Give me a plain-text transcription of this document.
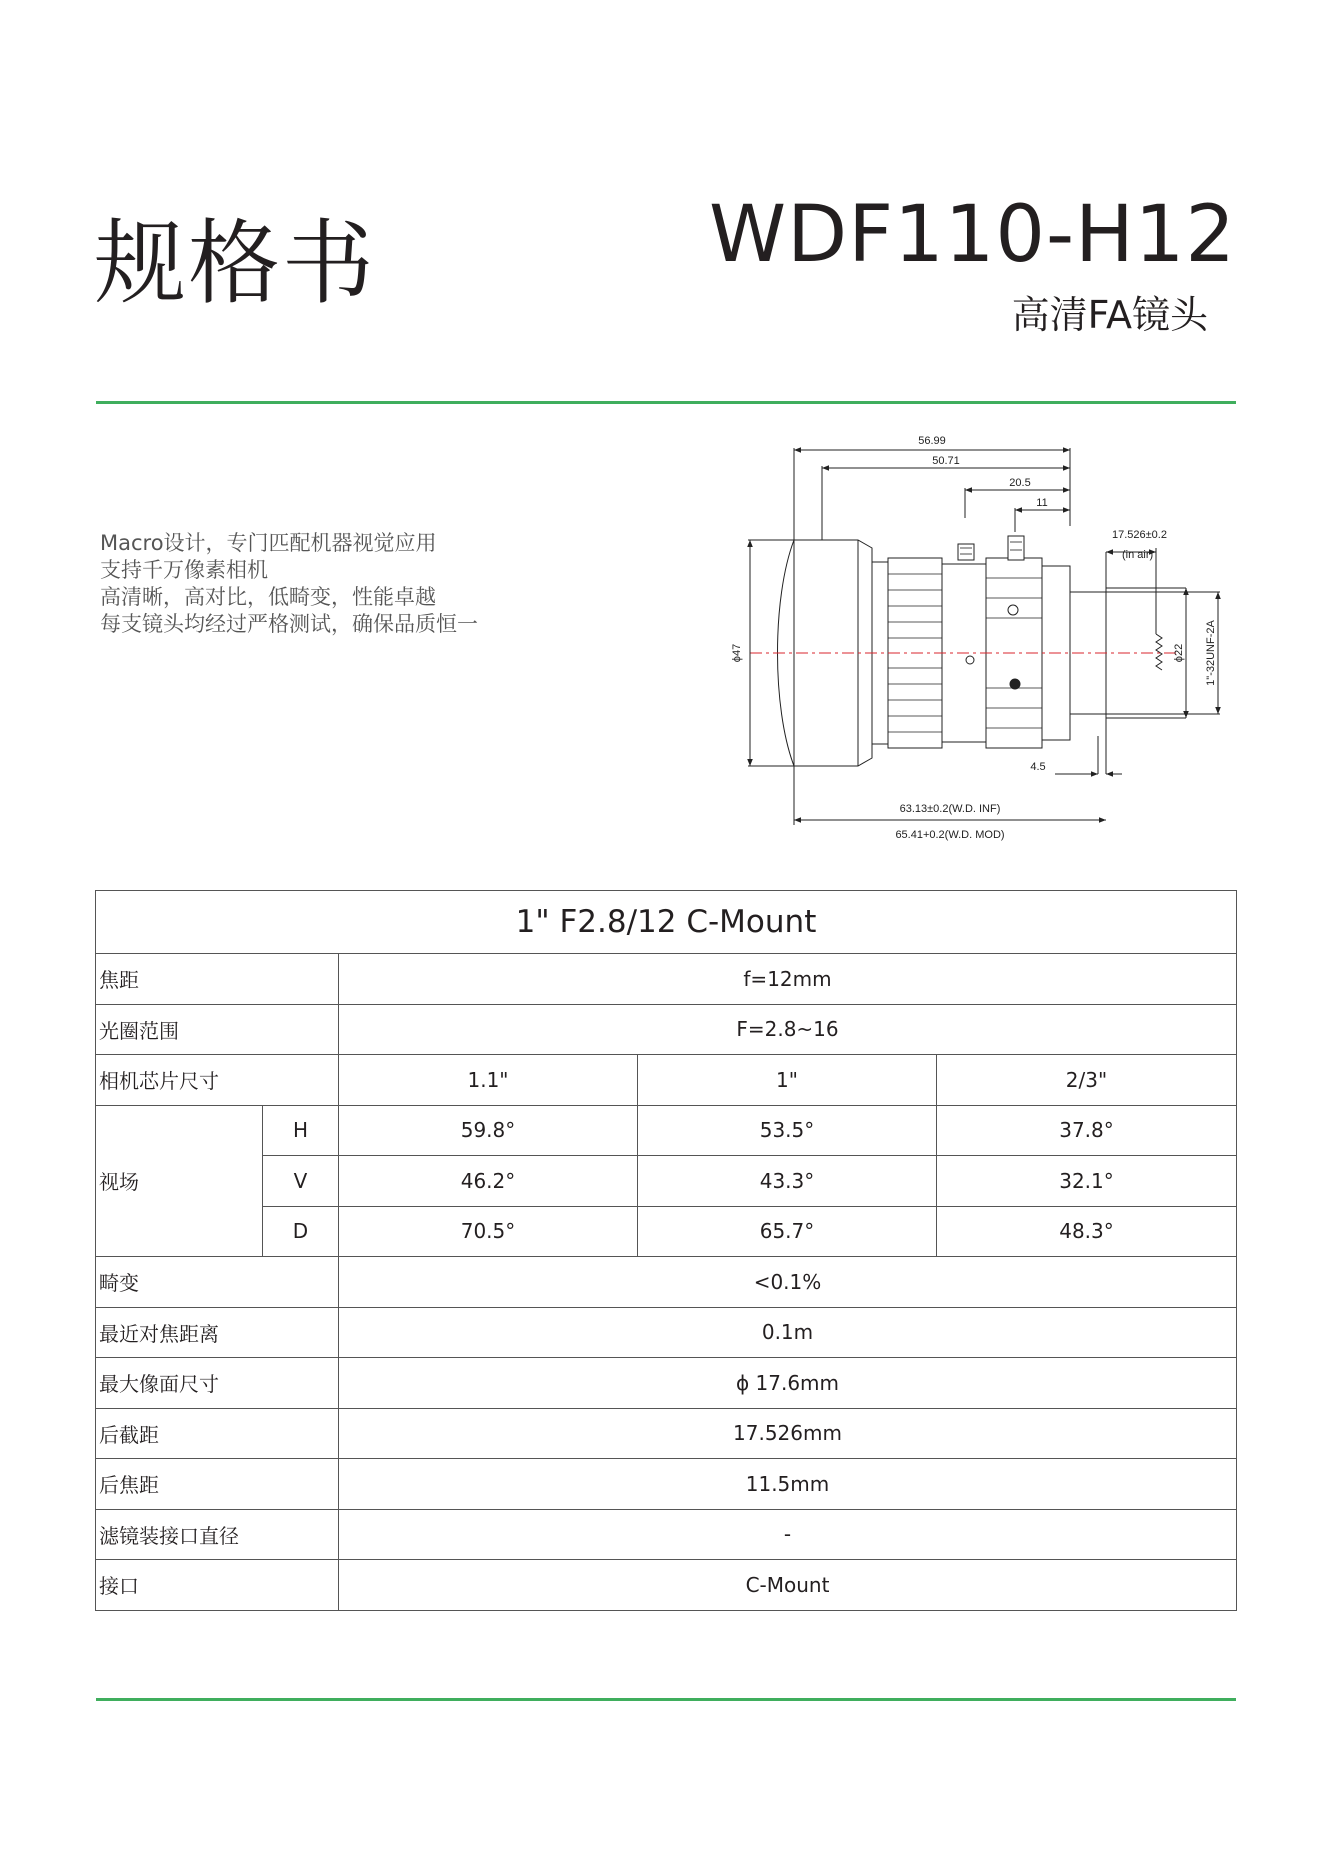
规格书	WDF110-H12
高清FA镜头
Macro设计，专门匹配机器视觉应用
支持千万像素相机
高清晰，高对比，低畸变，性能卓越
每支镜头均经过严格测试，确保品质恒一
56.99
50.71
20.5
11
17.526±0.2
(in air)
ϕ47	ϕ22 1"-32UNF-2A
4.5
63.13±0.2(W.D. INF)
65.41+0.2(W.D. MOD)
1" F2.8/12 C-Mount				
焦距		f=12mm		
光圈范围		F=2.8~16		
相机芯片尺寸		1.1"	1"	2/3"
视场	H	59.8°	53.5°	37.8°
	V	46.2°	43.3°	32.1°
	D	70.5°	65.7°	48.3°
畸变		<0.1%		
最近对焦距离		0.1m		
最大像面尺寸		ϕ 17.6mm		
后截距		17.526mm		
后焦距		11.5mm		
滤镜装接口直径		-		
接口		C-Mount		
